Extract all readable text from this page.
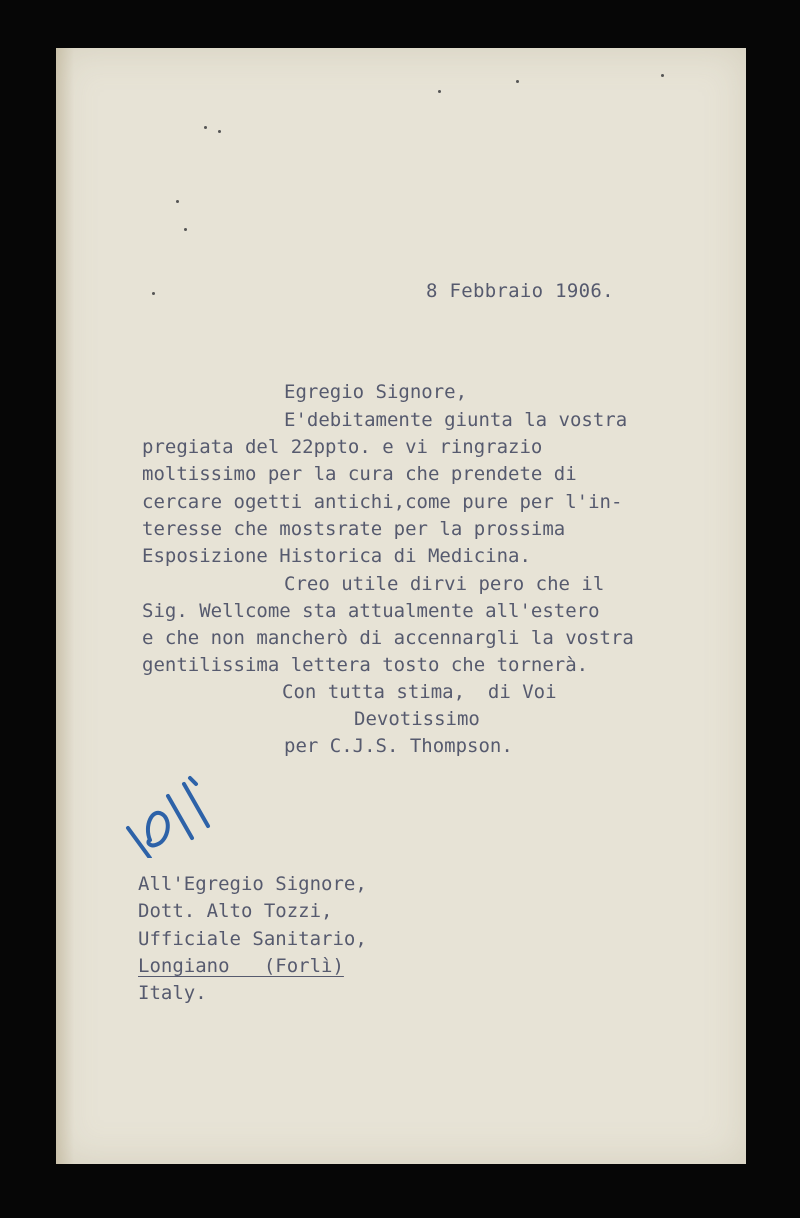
8 Febbraio 1906.
Egregio Signore,
E'debitamente giunta la vostra
pregiata del 22ppto. e vi ringrazio
moltissimo per la cura che prendete di
cercare ogetti antichi,come pure per l'in-
teresse che mostsrate per la prossima
Esposizione Historica di Medicina.
Creo utile dirvi pero che il
Sig. Wellcome sta attualmente all'estero
e che non mancherò di accennargli la vostra
gentilissima lettera tosto che tornerà.
Con tutta stima,  di Voi
Devotissimo
per C.J.S. Thompson.
All'Egregio Signore,
Dott. Alto Tozzi,
Ufficiale Sanitario,
Longiano   (Forlì)
Italy.
